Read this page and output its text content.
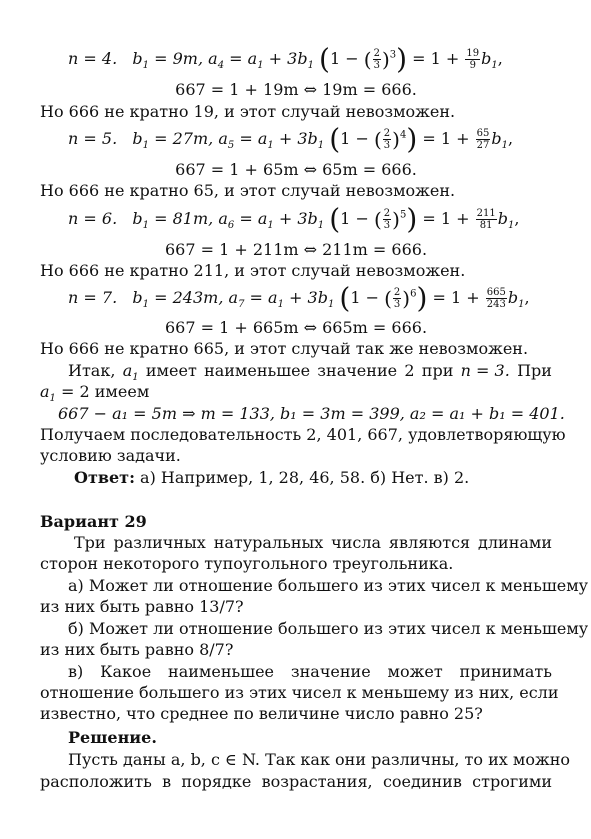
n = 4. $b_1 = 9m$, $a_4 = a_1 + 3b_1$ (1 − ( $\frac{2}{3} )^3) = 1 + \frac{19}{9} b_1$,
667 = 1 + 19m ⇔ 19m = 666.
Но 666 не кратно 19, и этот случай невозможен.
n = 5. $b_1 = 27m$, $a_5 = a_1 + 3b_1$ (1 − ( $\frac{2}{3} )^4) = 1 + \frac{65}{27} b_1$,
667 = 1 + 65m ⇔ 65m = 666.
Но 666 не кратно 65, и этот случай невозможен.
n = 6. $b_1 = 81m$, $a_6 = a_1 + 3b_1$ (1 − ( $\frac{2}{3} )^5) = 1 + \frac{211}{81} b_1$,
667 = 1 + 211m ⇔ 211m = 666.
Но 666 не кратно 211, и этот случай невозможен.
n = 7. $b_1 = 243m$, $a_7 = a_1 + 3b_1$ (1 − ( $\frac{2}{3} )^6) = 1 + \frac{665}{243} b_1$,
667 = 1 + 665m ⇔ 665m = 666.
Но 666 не кратно 665, и этот случай так же невозможен.
Итак, $a_1$ имеет наименьшее значение 2 при n = 3. При
$a_1 = 2$ имеем
667 − a₁ = 5m ⇒ m = 133, b₁ = 3m = 399, a₂ = a₁ + b₁ = 401.
Получаем последовательность 2, 401, 667, удовлетворяющую
условию задачи.
Ответ: а) Например, 1, 28, 46, 58. б) Нет. в) 2.
Вариант 29
Три различных натуральных числа являются длинами
сторон некоторого тупоугольного треугольника.
а) Может ли отношение большего из этих чисел к меньшему
из них быть равно 13/7?
б) Может ли отношение большего из этих чисел к меньшему
из них быть равно 8/7?
в) Какое наименьшее значение может принимать
отношение большего из этих чисел к меньшему из них, если
известно, что среднее по величине число равно 25?
Решение.
Пусть даны a, b, c ∈ N. Так как они различны, то их можно
расположить в порядке возрастания, соединив строгими
